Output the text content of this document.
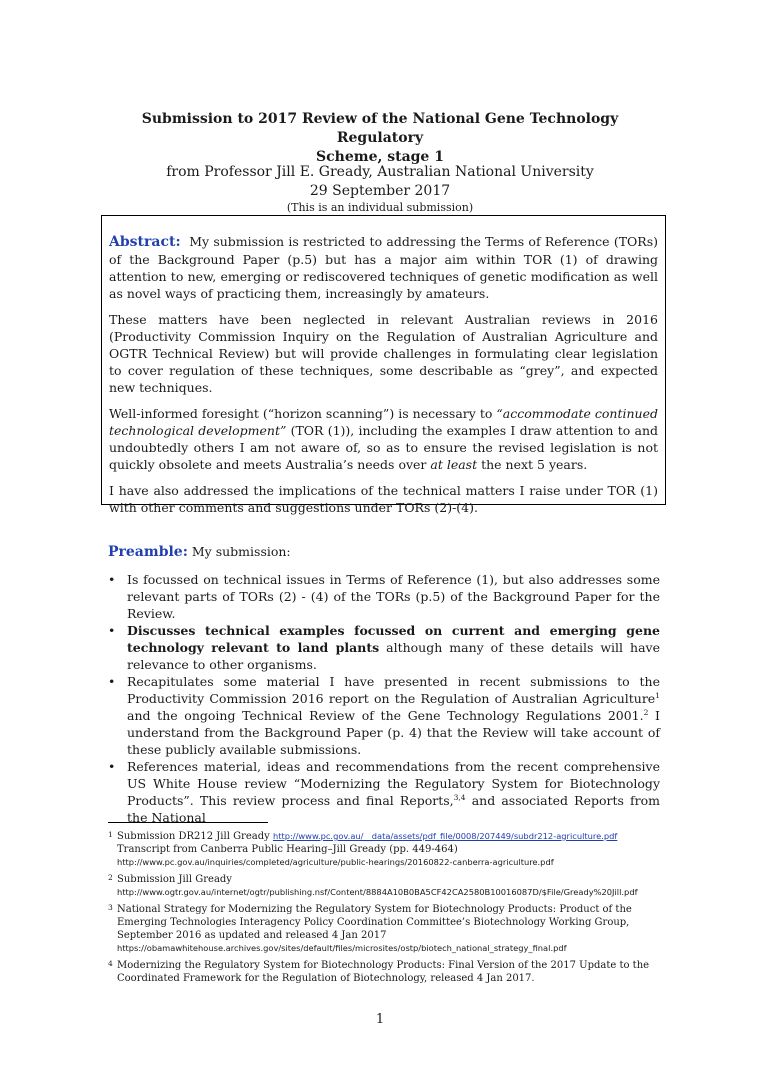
Submission to 2017 Review of the National Gene Technology Regulatory
Scheme, stage 1
from Professor Jill E. Gready, Australian National University
29 September 2017
(This is an individual submission)

Abstract: My submission is restricted to addressing the Terms of Reference (TORs) of the Background Paper (p.5) but has a major aim within TOR (1) of drawing attention to new, emerging or rediscovered techniques of genetic modification as well as novel ways of practicing them, increasingly by amateurs.

These matters have been neglected in relevant Australian reviews in 2016 (Productivity Commission Inquiry on the Regulation of Australian Agriculture and OGTR Technical Review) but will provide challenges in formulating clear legislation to cover regulation of these techniques, some describable as “grey”, and expected new techniques.

Well-informed foresight (“horizon scanning”) is necessary to “accommodate continued technological development” (TOR (1)), including the examples I draw attention to and undoubtedly others I am not aware of, so as to ensure the revised legislation is not quickly obsolete and meets Australia’s needs over at least the next 5 years.

I have also addressed the implications of the technical matters I raise under TOR (1) with other comments and suggestions under TORs (2)-(4).

Preamble: My submission:
• Is focussed on technical issues in Terms of Reference (1), but also addresses some relevant parts of TORs (2) - (4) of the TORs (p.5) of the Background Paper for the Review.
• Discusses technical examples focussed on current and emerging gene technology relevant to land plants although many of these details will have relevance to other organisms.
• Recapitulates some material I have presented in recent submissions to the Productivity Commission 2016 report on the Regulation of Australian Agriculture$^1$ and the ongoing Technical Review of the Gene Technology Regulations 2001.$^2$ I understand from the Background Paper (p. 4) that the Review will take account of these publicly available submissions.
• References material, ideas and recommendations from the recent comprehensive US White House review “Modernizing the Regulatory System for Biotechnology Products”. This review process and final Reports,$^{3,4}$ and associated Reports from the National
1 Submission DR212 Jill Gready http://www.pc.gov.au/__data/assets/pdf_file/0008/207449/subdr212-agriculture.pdf
Transcript from Canberra Public Hearing–Jill Gready (pp. 449-464)
http://www.pc.gov.au/inquiries/completed/agriculture/public-hearings/20160822-canberra-agriculture.pdf
2 Submission Jill Gready
http://www.ogtr.gov.au/internet/ogtr/publishing.nsf/Content/8884A10B0BA5CF42CA2580B10016087D/$File/Gready%20Jill.pdf
3 National Strategy for Modernizing the Regulatory System for Biotechnology Products: Product of the Emerging Technologies Interagency Policy Coordination Committee’s Biotechnology Working Group, September 2016 as updated and released 4 Jan 2017
https://obamawhitehouse.archives.gov/sites/default/files/microsites/ostp/biotech_national_strategy_final.pdf
4 Modernizing the Regulatory System for Biotechnology Products: Final Version of the 2017 Update to the Coordinated Framework for the Regulation of Biotechnology, released 4 Jan 2017.
1
